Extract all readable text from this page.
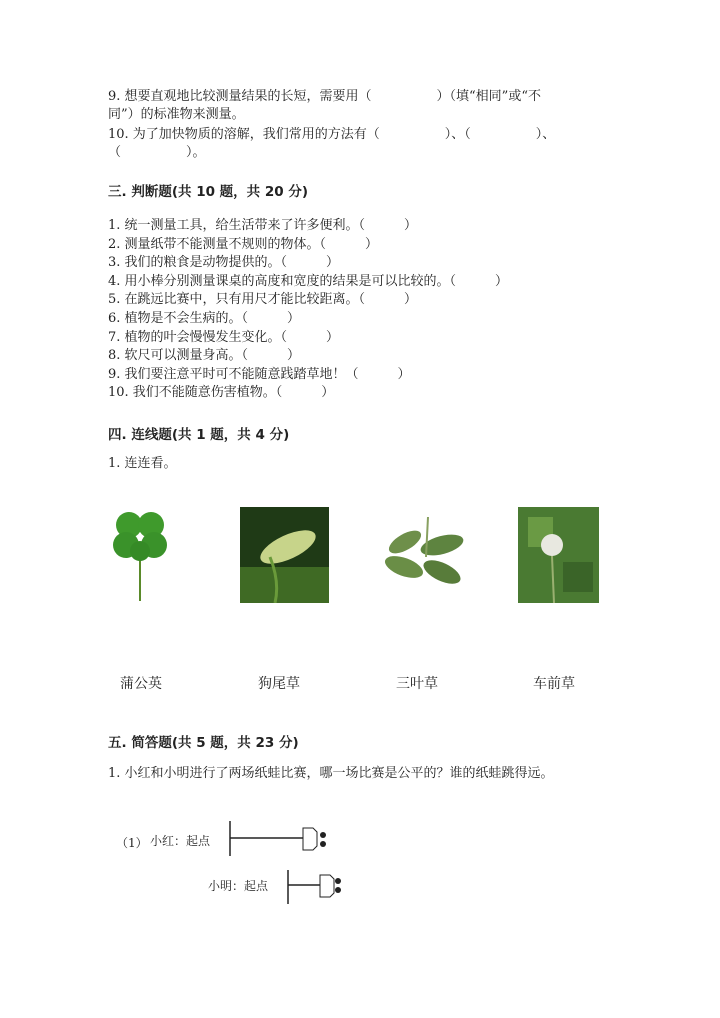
9. 想要直观地比较测量结果的长短，需要用（　　　　　）（填“相同”或“不
同”）的标准物来测量。
10. 为了加快物质的溶解，我们常用的方法有（　　　　　）、（　　　　　）、
（　　　　　）。
三. 判断题(共 10 题，共 20 分)
1. 统一测量工具，给生活带来了许多便利。（　　　）
2. 测量纸带不能测量不规则的物体。（　　　）
3. 我们的粮食是动物提供的。（　　　）
4. 用小棒分别测量课桌的高度和宽度的结果是可以比较的。（　　　）
5. 在跳远比赛中，只有用尺才能比较距离。（　　　）
6. 植物是不会生病的。（　　　）
7. 植物的叶会慢慢发生变化。（　　　）
8. 软尺可以测量身高。（　　　）
9. 我们要注意平时可不能随意践踏草地！（　　　）
10. 我们不能随意伤害植物。（　　　）
四. 连线题(共 1 题，共 4 分)
1. 连连看。
蒲公英	狗尾草	三叶草	车前草
五. 简答题(共 5 题，共 23 分)
1. 小红和小明进行了两场纸蛙比赛，哪一场比赛是公平的？谁的纸蛙跳得远。
（1） 小红：起点
小明：起点
